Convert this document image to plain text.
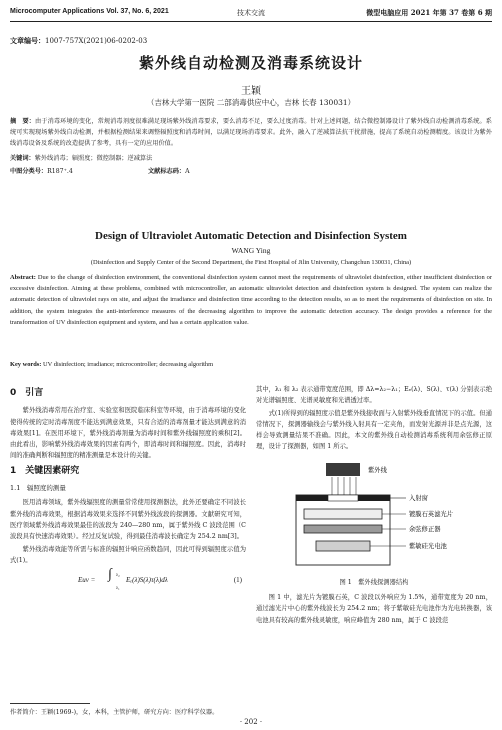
Microcomputer Applications Vol. 37, No. 6, 2021	技术交流	微型电脑应用 2021 年第 37 卷第 6 期
文章编号：1007-757X(2021)06-0202-03
紫外线自动检测及消毒系统设计
王颖
（吉林大学第一医院 二部消毒供应中心，吉林 长春 130031）
摘　要：由于消毒环境的变化，常规消毒剂度很难满足现场紫外线消毒要求，要么消毒不足，要么过度消毒。针对上述问题，结合微控制器设计了紫外线自动检测消毒系统。系统可实现现场紫外线自动检测，并根据检测结果来调整辐照度和消毒时间，以满足现场消毒要求。此外，融入了逆减算法抗干扰措施，提高了系统自动检测精度。该设计为紫外线消毒设备及系统的改造提供了参考，具有一定的应用价值。
关键词：紫外线消毒；辐照度；微控制器；逆减算法
中图分类号：R187⁺.4	文献标志码：A
Design of Ultraviolet Automatic Detection and Disinfection System
WANG Ying
(Disinfection and Supply Center of the Second Department, the First Hospital of Jilin University, Changchun 130031, China)
Abstract: Due to the change of disinfection environment, the conventional disinfection system cannot meet the requirements of ultraviolet disinfection, either insufficient disinfection or excessive disinfection. Aiming at these problems, combined with microcontroller, an automatic ultraviolet detection and disinfection system is designed. The system can realize the automatic detection of ultraviolet rays on site, and adjust the irradiance and disinfection time according to the detection results, so as to meet the requirements of disinfection on site. In addition, the system integrates the anti-interference measures of the decreasing algorithm to improve the automatic detection accuracy. The design provides a reference for the transformation of UV disinfection equipment and system, and has a certain application value.
Key words: UV disinfection; irradiance; microcontroller; decreasing algorithm
0　引言
紫外线消毒常用在治疗室、实验室和医院临床科室等环境，由于消毒环境的变化使得传统的定时消毒剂度不能达到满意效果，只有合适的消毒剂量才能达到满意的消毒效果[1]。在医用环境下，紫外线消毒剂量为消毒时间和紫外线辐照度的乘积[2]。由此看出，影响紫外线消毒效果的因素有两个，即消毒时间和辐照度。因此，消毒时间的准确判断和辐照度的精准测量是本设计的关键。
1　关键因素研究
1.1　辐照度的测量
医用消毒领域，紫外线辐照度的测量常常使用探测器法，此外还要确定不同波长紫外线的消毒效果，根据消毒效果来选择不同紫外线波段的探测器。文献研究可知，医疗领域紫外线消毒效果最佳的波段为 240—280 nm，属于紫外线 C 波段范围（C 波段具有快速消毒效果）。经过反复试验，得到最佳消毒波长确定为 254.2 nm[3]。
紫外线消毒效能等所需与标准的辐照计响应函数趋同，因此可得到辐照度示值为式(1)。
Euv = ∫ λ₂
λ₁
Eₑ(λ)S(λ)τ(λ)dλ	(1)
其中，λ₁ 和 λ₂ 表示通带宽度范围，即 Δλ=λ₂−λ₁；Eₑ(λ)、S(λ)、τ(λ) 分别表示绝对光谱辐照度、光谱灵敏度和光谱透过率。
式(1)所得到的辐照度示值是紫外线接收面与入射紫外线垂直情况下的示值。但通常情况下，探测器输线会与紫外线入射具有一定夹角，而发射光源并非是点光源，这样会导致测量结果不准确。因此，本文的紫外线自动检测消毒系统利用余弦修正原理，设计了探测器，如图 1 所示。
紫外线
入射窗
镀膜石英滤光片
余弦修正器
紫敏硅光电池
图 1　紫外线探测器结构
图 1 中，滤光片为镀膜石英，C 波段以外响应为 1.5%，通带宽度为 20 nm，通过滤光片中心的紫外线波长为 254.2 nm；将子紫敏硅光电池作为光电转换器，该电池具有较高的紫外线灵敏度，响应峰值为 280 nm，属于 C 波段范
作者简介：王颖(1969-)，女，本科，主管护师，研究方向：医疗科学仪器。
· 202 ·
